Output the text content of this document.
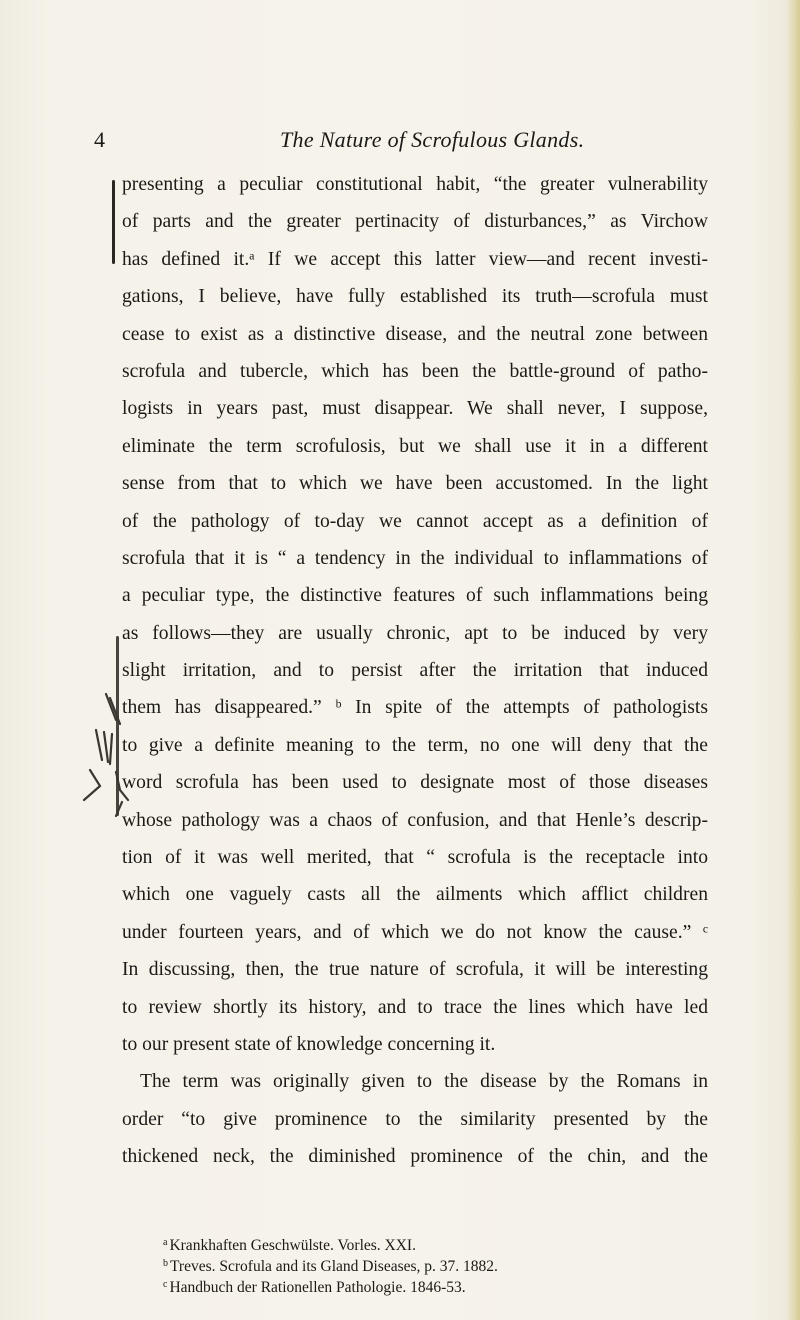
4	The Nature of Scrofulous Glands.
presenting a peculiar constitutional habit, “the greater vulnerability
of parts and the greater pertinacity of disturbances,” as Virchow
has defined it.ᵃ If we accept this latter view—and recent investi-
gations, I believe, have fully established its truth—scrofula must
cease to exist as a distinctive disease, and the neutral zone between
scrofula and tubercle, which has been the battle-ground of patho-
logists in years past, must disappear. We shall never, I suppose,
eliminate the term scrofulosis, but we shall use it in a different
sense from that to which we have been accustomed. In the light
of the pathology of to-day we cannot accept as a definition of
scrofula that it is “ a tendency in the individual to inflammations of
a peculiar type, the distinctive features of such inflammations being
as follows—they are usually chronic, apt to be induced by very
slight irritation, and to persist after the irritation that induced
them has disappeared.” ᵇ In spite of the attempts of pathologists
to give a definite meaning to the term, no one will deny that the
word scrofula has been used to designate most of those diseases
whose pathology was a chaos of confusion, and that Henle’s descrip-
tion of it was well merited, that “ scrofula is the receptacle into
which one vaguely casts all the ailments which afflict children
under fourteen years, and of which we do not know the cause.” ᶜ
In discussing, then, the true nature of scrofula, it will be interesting
to review shortly its history, and to trace the lines which have led
to our present state of knowledge concerning it.
The term was originally given to the disease by the Romans in
order “to give prominence to the similarity presented by the
thickened neck, the diminished prominence of the chin, and the
$^a$ Krankhaften Geschwülste. Vorles. XXI.
$^b$ Treves. Scrofula and its Gland Diseases, p. 37. 1882.
$^c$ Handbuch der Rationellen Pathologie. 1846-53.
